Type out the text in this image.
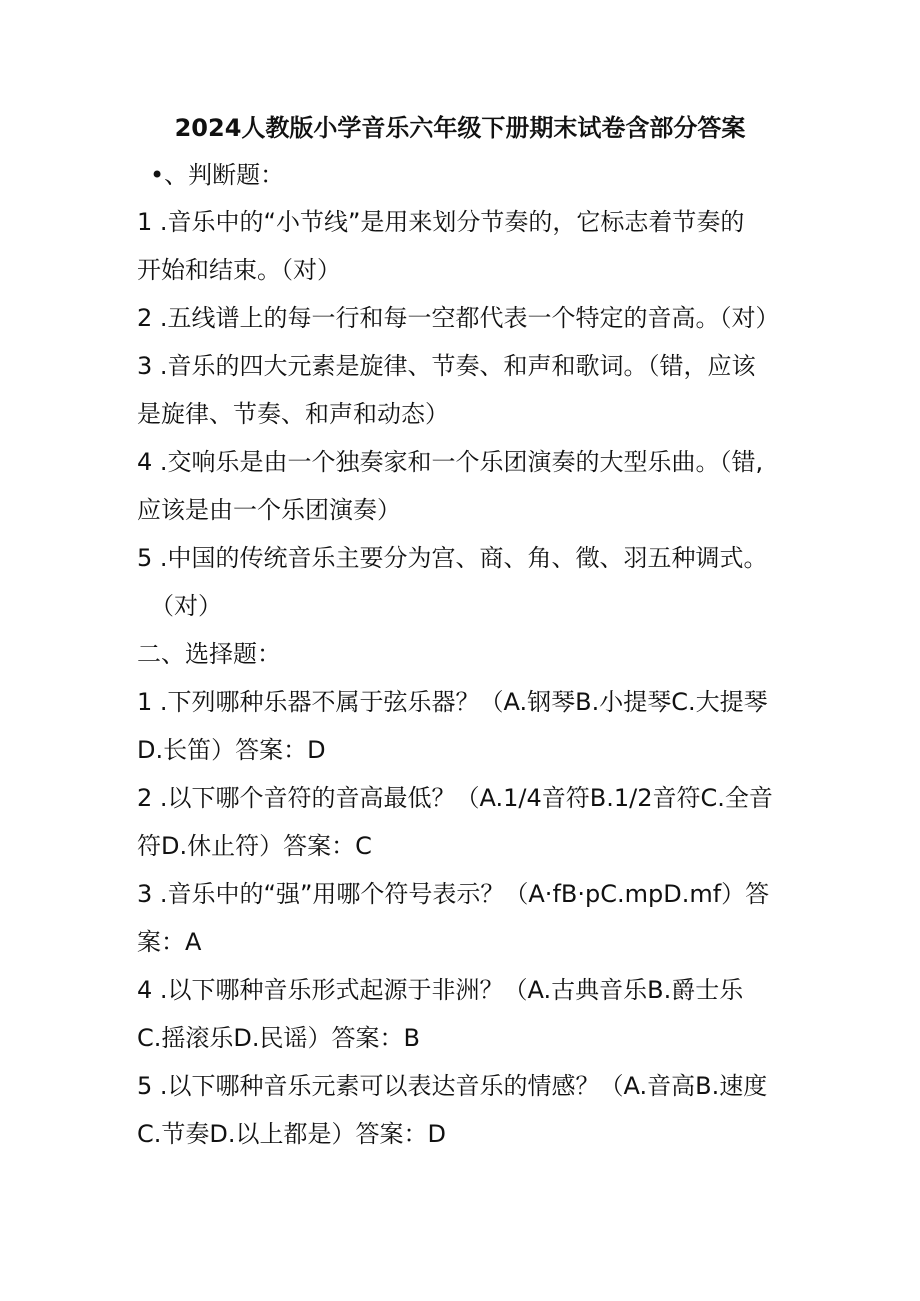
2024人教版小学音乐六年级下册期末试卷含部分答案
•、判断题：
1 .音乐中的“小节线”是用来划分节奏的，它标志着节奏的
开始和结束。（对）
2 .五线谱上的每一行和每一空都代表一个特定的音高。（对）
3 .音乐的四大元素是旋律、节奏、和声和歌词。（错，应该
是旋律、节奏、和声和动态）
4 .交响乐是由一个独奏家和一个乐团演奏的大型乐曲。（错,
应该是由一个乐团演奏）
5 .中国的传统音乐主要分为宫、商、角、徵、羽五种调式。
（对）
二、选择题：
1 .下列哪种乐器不属于弦乐器？（A.钢琴B.小提琴C.大提琴
D.长笛）答案：D
2 .以下哪个音符的音高最低？（A.1/4音符B.1/2音符C.全音
符D.休止符）答案：C
3 .音乐中的“强”用哪个符号表示？（A·fB·pC.mpD.mf）答
案：A
4 .以下哪种音乐形式起源于非洲？（A.古典音乐B.爵士乐
C.摇滚乐D.民谣）答案：B
5 .以下哪种音乐元素可以表达音乐的情感？（A.音高B.速度
C.节奏D.以上都是）答案：D
